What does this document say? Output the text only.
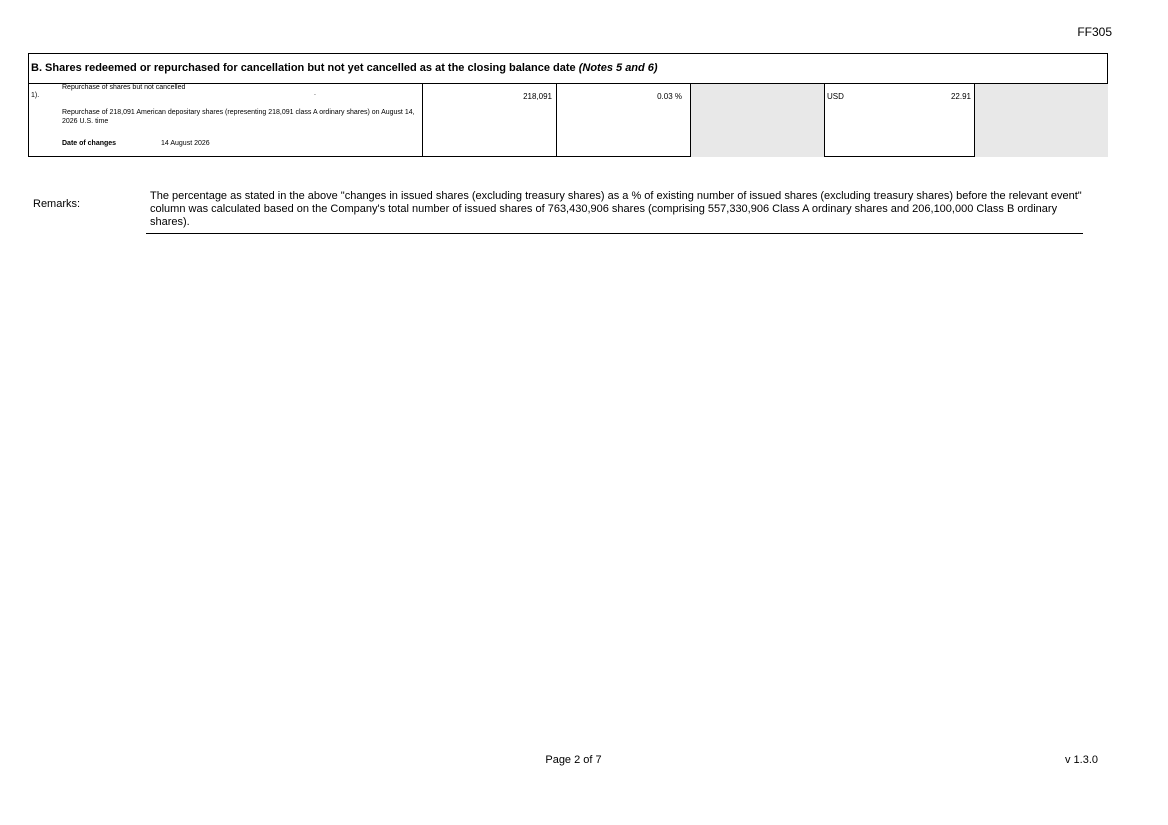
FF305
B. Shares redeemed or repurchased for cancellation but not yet cancelled as at the closing balance date (Notes 5 and 6)
1).
Repurchase of shares but not cancelled
.
Repurchase of 218,091 American depositary shares (representing 218,091 class A ordinary shares) on August 14, 2026 U.S. time
Date of changes	14 August 2026
218,091	0.03 %	USD	22.91
Remarks:
The percentage as stated in the above "changes in issued shares (excluding treasury shares) as a % of existing number of issued shares (excluding treasury shares) before the relevant event" column was calculated based on the Company's total number of issued shares of 763,430,906 shares (comprising 557,330,906 Class A ordinary shares and 206,100,000 Class B ordinary shares).
Page 2 of 7	v 1.3.0
